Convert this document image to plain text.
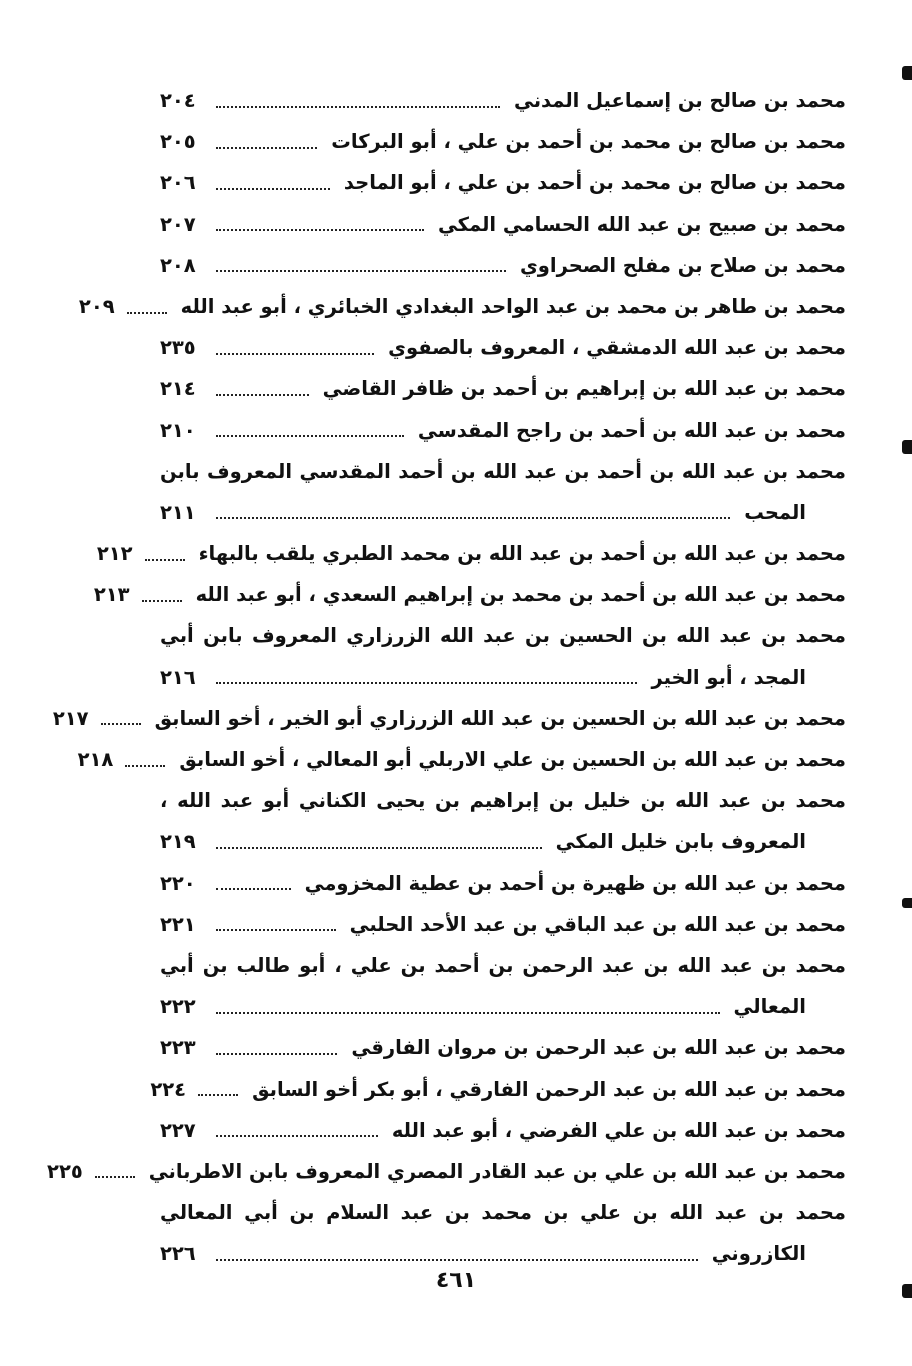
محمد بن صالح بن إسماعيل المدني
٢٠٤
محمد بن صالح بن محمد بن أحمد بن علي ، أبو البركات
٢٠٥
محمد بن صالح بن محمد بن أحمد بن علي ، أبو الماجد
٢٠٦
محمد بن صبيح بن عبد الله الحسامي المكي
٢٠٧
محمد بن صلاح بن مفلح الصحراوي
٢٠٨
محمد بن طاهر بن محمد بن عبد الواحد البغدادي الخبائري ، أبو عبد الله
٢٠٩
محمد بن عبد الله الدمشقي ، المعروف بالصفوي
٢٣٥
محمد بن عبد الله بن إبراهيم بن أحمد بن ظافر القاضي
٢١٤
محمد بن عبد الله بن أحمد بن راجح المقدسي
٢١٠
محمد بن عبد الله بن أحمد بن عبد الله بن أحمد المقدسي المعروف بابن
المحب
٢١١
محمد بن عبد الله بن أحمد بن عبد الله بن محمد الطبري يلقب بالبهاء
٢١٢
محمد بن عبد الله بن أحمد بن محمد بن إبراهيم السعدي ، أبو عبد الله
٢١٣
محمد بن عبد الله بن الحسين بن عبد الله الزرزاري المعروف بابن أبي
المجد ، أبو الخير
٢١٦
محمد بن عبد الله بن الحسين بن عبد الله الزرزاري أبو الخير ، أخو السابق
٢١٧
محمد بن عبد الله بن الحسين بن علي الاربلي أبو المعالي ، أخو السابق
٢١٨
محمد بن عبد الله بن خليل بن إبراهيم بن يحيى الكناني أبو عبد الله ،
المعروف بابن خليل المكي
٢١٩
محمد بن عبد الله بن ظهيرة بن أحمد بن عطية المخزومي
٢٢٠
محمد بن عبد الله بن عبد الباقي بن عبد الأحد الحلبي
٢٢١
محمد بن عبد الله بن عبد الرحمن بن أحمد بن علي ، أبو طالب بن أبي
المعالي
٢٢٢
محمد بن عبد الله بن عبد الرحمن بن مروان الفارقي
٢٢٣
محمد بن عبد الله بن عبد الرحمن الفارقي ، أبو بكر أخو السابق
٢٢٤
محمد بن عبد الله بن علي الفرضي ، أبو عبد الله
٢٢٧
محمد بن عبد الله بن علي بن عبد القادر المصري المعروف بابن الاطرباني
٢٢٥
محمد بن عبد الله بن علي بن محمد بن عبد السلام بن أبي المعالي
الكازروني
٢٢٦
٤٦١
